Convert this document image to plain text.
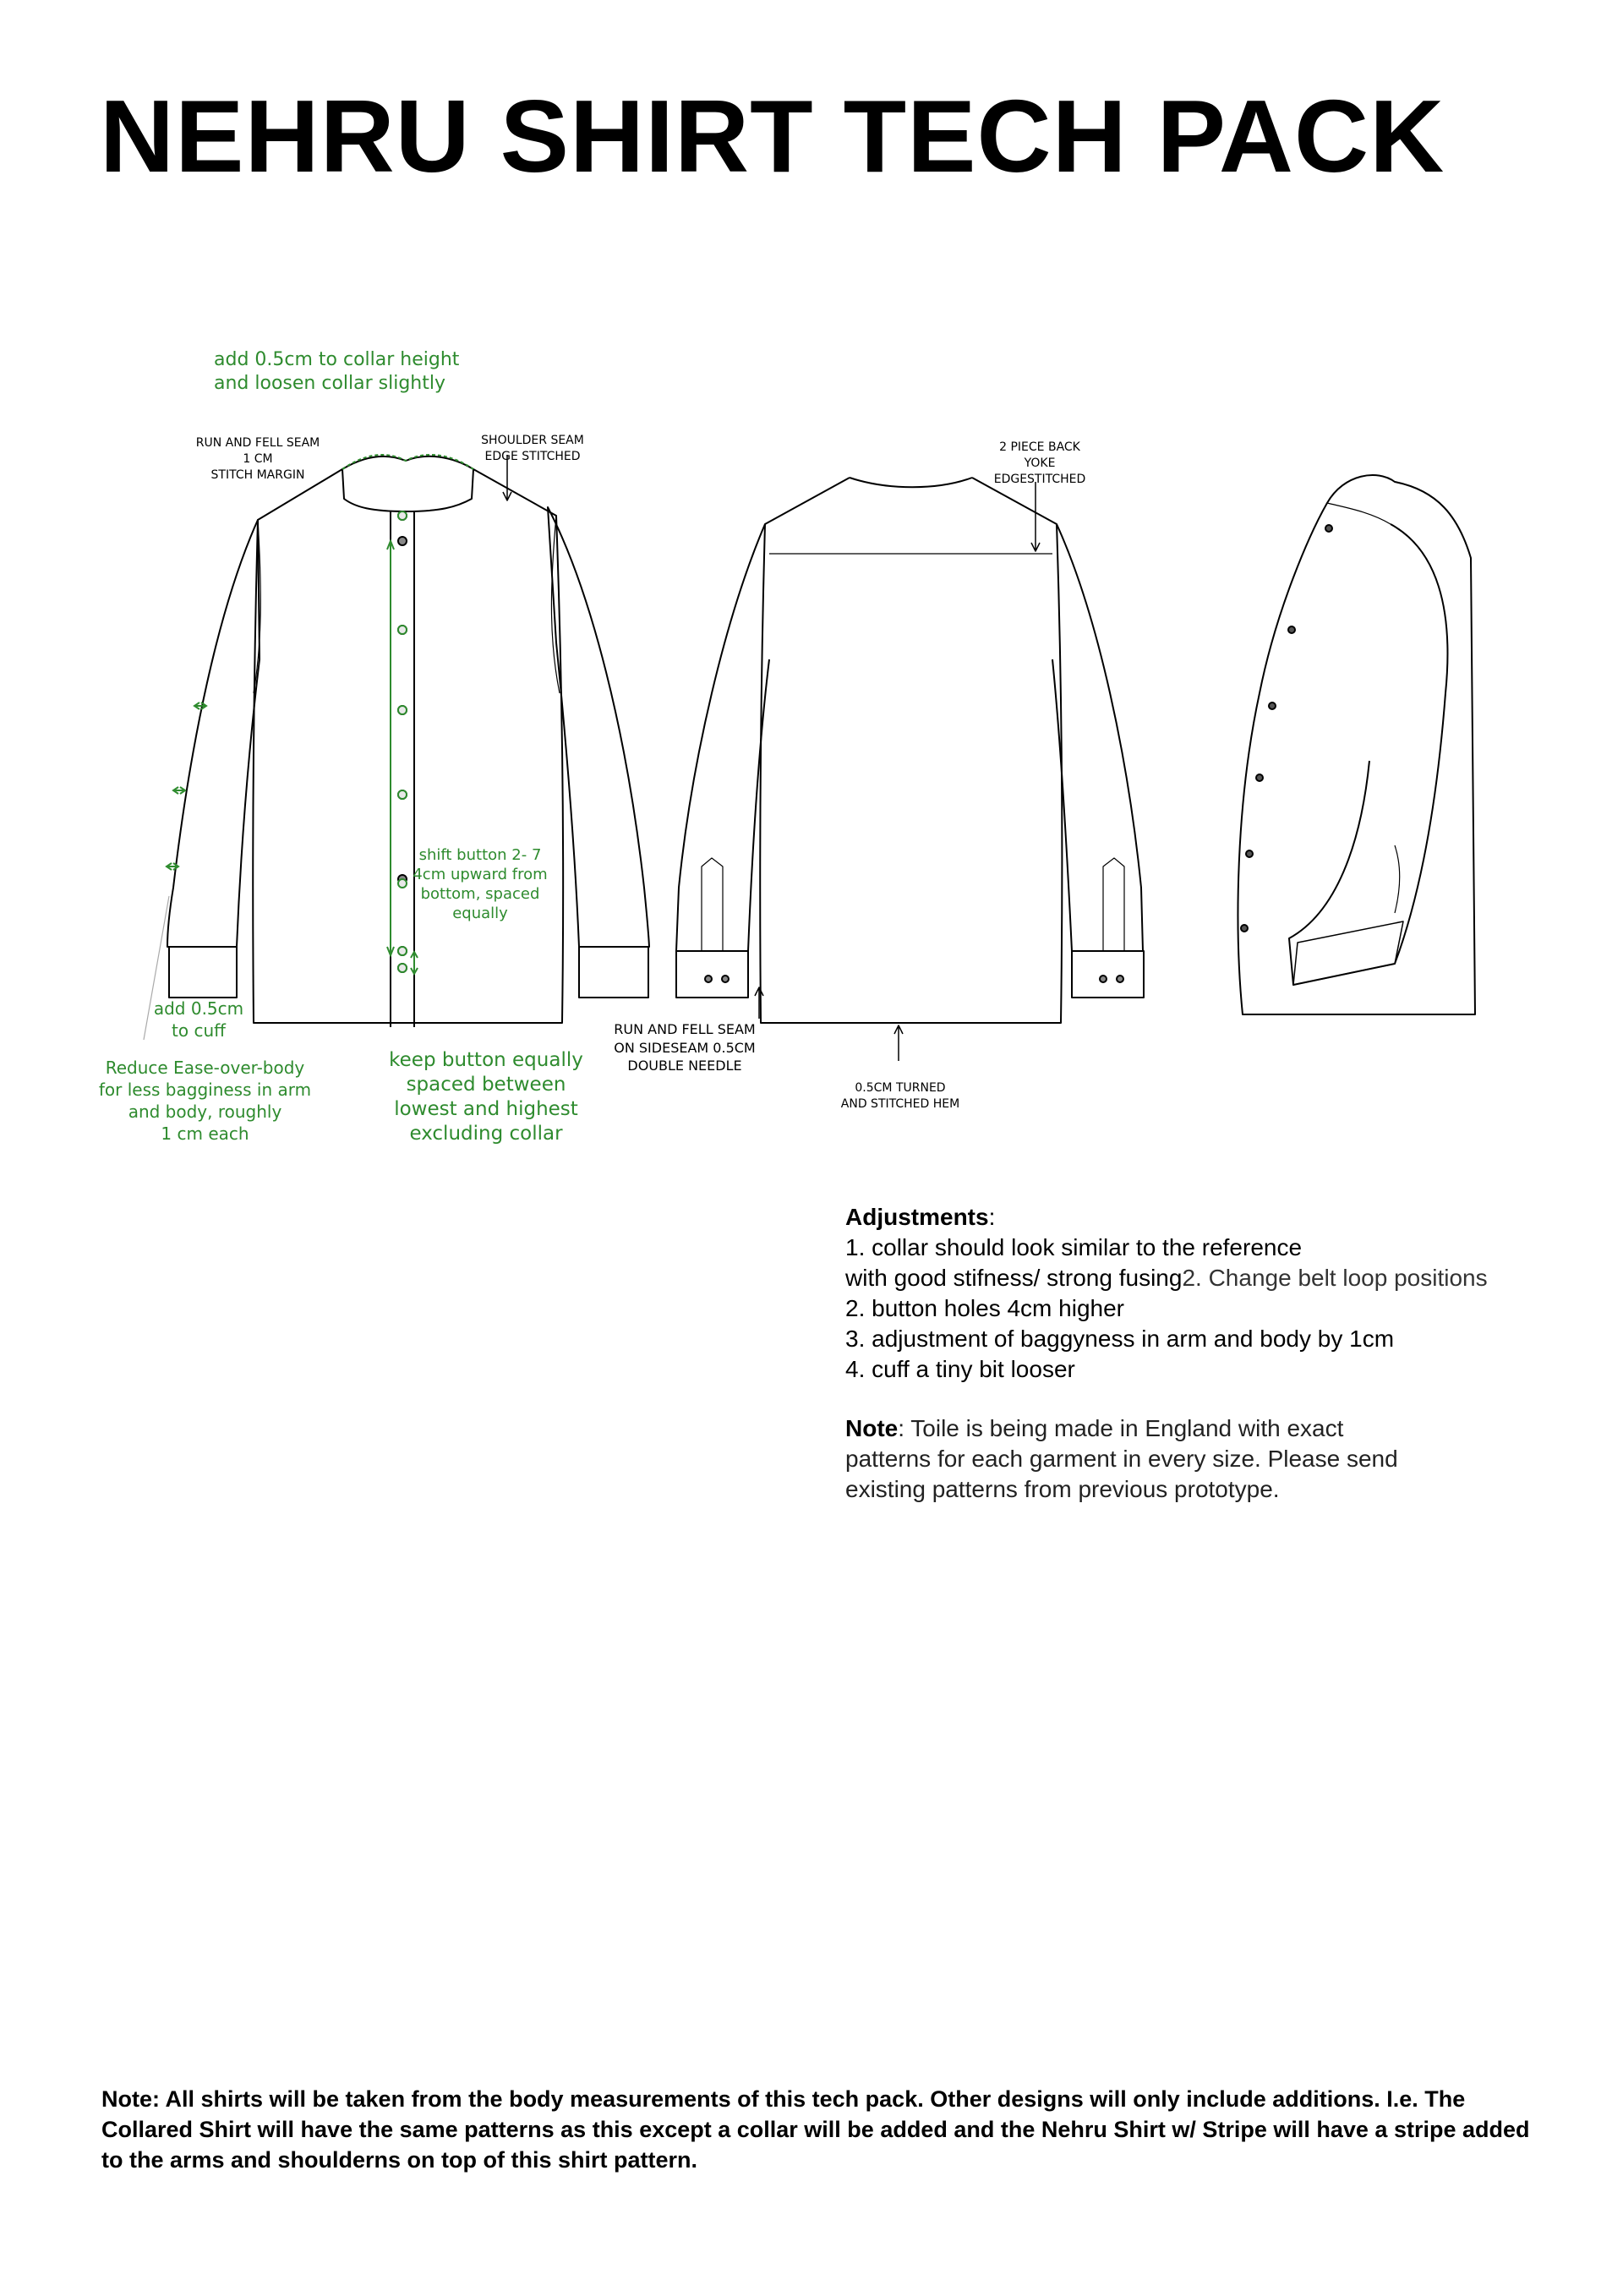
NEHRU SHIRT TECH PACK
add 0.5cm to collar height
and loosen collar slightly
RUN AND FELL SEAM
1 CM
STITCH MARGIN
SHOULDER SEAM
EDGE STITCHED
2 PIECE BACK
YOKE
EDGESTITCHED
shift button 2- 7
4cm upward from
bottom, spaced
equally
add 0.5cm
to cuff
Reduce Ease-over-body
for less bagginess in arm
and body, roughly
1 cm each
keep button equally
spaced between
lowest and highest
excluding collar
RUN AND FELL SEAM
ON SIDESEAM 0.5CM
DOUBLE NEEDLE
0.5CM TURNED
AND STITCHED HEM
Adjustments:
1. collar should look similar to the reference
with good stifness/ strong fusing2. Change belt loop positions
2. button holes 4cm higher
3. adjustment of baggyness in arm and body by 1cm
4. cuff a tiny bit looser
Note: Toile is being made in England with exact
patterns for each garment in every size. Please send
existing patterns from previous prototype.
Note: All shirts will be taken from the body measurements of this tech pack. Other designs will only include additions. I.e. The Collared Shirt will have the same patterns as this except a collar will be added and the Nehru Shirt w/ Stripe will have a stripe added to the arms and shoulderns on top of this shirt pattern.
